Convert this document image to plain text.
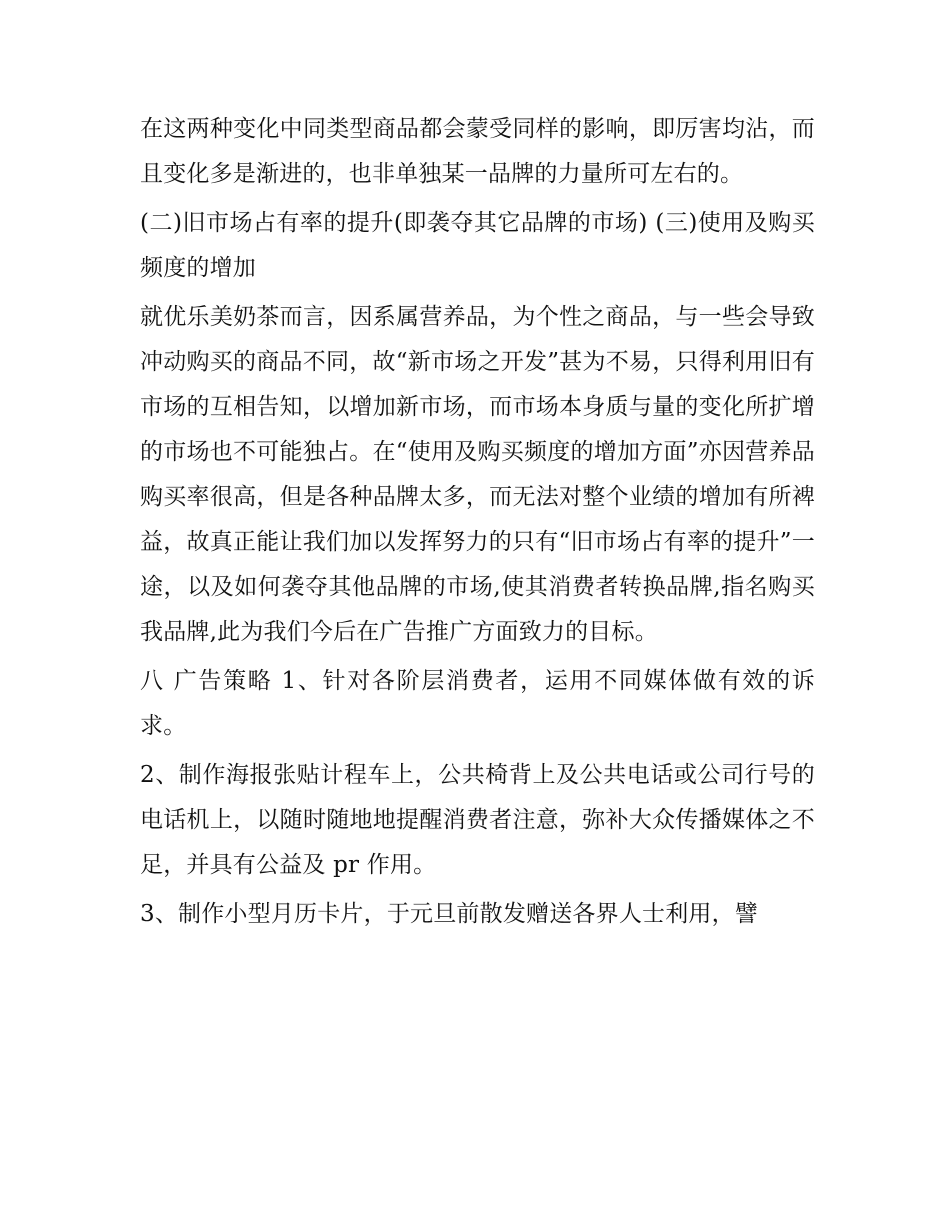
在这两种变化中同类型商品都会蒙受同样的影响，即厉害均沾，而且变化多是渐进的，也非单独某一品牌的力量所可左右的。

(二)旧市场占有率的提升(即袭夺其它品牌的市场) (三)使用及购买频度的增加

就优乐美奶茶而言，因系属营养品，为个性之商品，与一些会导致冲动购买的商品不同，故“新市场之开发”甚为不易，只得利用旧有市场的互相告知，以增加新市场，而市场本身质与量的变化所扩增的市场也不可能独占。在“使用及购买频度的增加方面”亦因营养品购买率很高，但是各种品牌太多，而无法对整个业绩的增加有所裨益，故真正能让我们加以发挥努力的只有“旧市场占有率的提升”一途，以及如何袭夺其他品牌的市场,使其消费者转换品牌,指名购买我品牌,此为我们今后在广告推广方面致力的目标。

八 广告策略 1、针对各阶层消费者，运用不同媒体做有效的诉求。

2、制作海报张贴计程车上，公共椅背上及公共电话或公司行号的电话机上，以随时随地地提醒消费者注意，弥补大众传播媒体之不足，并具有公益及 pr 作用。

3、制作小型月历卡片，于元旦前散发赠送各界人士利用，譬
